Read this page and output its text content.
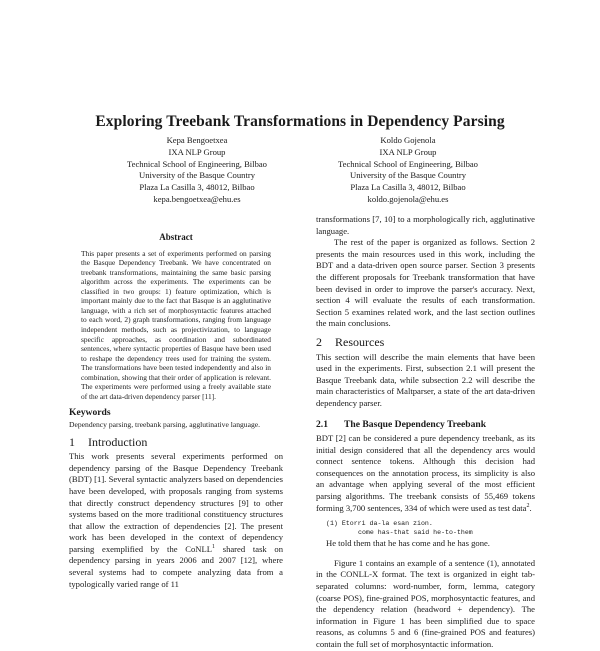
Exploring Treebank Transformations in Dependency Parsing
Kepa Bengoetxea
IXA NLP Group
Technical School of Engineering, Bilbao
University of the Basque Country
Plaza La Casilla 3, 48012, Bilbao
kepa.bengoetxea@ehu.es
Koldo Gojenola
IXA NLP Group
Technical School of Engineering, Bilbao
University of the Basque Country
Plaza La Casilla 3, 48012, Bilbao
koldo.gojenola@ehu.es
Abstract

This paper presents a set of experiments performed on parsing the Basque Dependency Treebank. We have concentrated on treebank transformations, maintaining the same basic parsing algorithm across the experiments. The experiments can be classified in two groups: 1) feature optimization, which is important mainly due to the fact that Basque is an agglutinative language, with a rich set of morphosyntactic features attached to each word, 2) graph transformations, ranging from language independent methods, such as projectivization, to language specific approaches, as coordination and subordinated sentences, where syntactic properties of Basque have been used to reshape the dependency trees used for training the system. The transformations have been tested independently and also in combination, showing that their order of application is relevant. The experiments were performed using a freely available state of the art data-driven dependency parser [11].

Keywords
Dependency parsing, treebank parsing, agglutinative language.
1 Introduction

This work presents several experiments performed on dependency parsing of the Basque Dependency Treebank (BDT) [1]. Several syntactic analyzers based on dependencies have been developed, with proposals ranging from systems that directly construct dependency structures [9] to other systems based on the more traditional constituency structures that allow the extraction of dependencies [2]. The present work has been developed in the context of dependency parsing exemplified by the CoNLL$^1$ shared task on dependency parsing in years 2006 and 2007 [12], where several systems had to compete analyzing data from a typologically varied range of 11

transformations [7, 10] to a morphologically rich, agglutinative language.

The rest of the paper is organized as follows. Section 2 presents the main resources used in this work, including the BDT and a data-driven open source parser. Section 3 presents the different proposals for Treebank transformation that have been devised in order to improve the parser's accuracy. Next, section 4 will evaluate the results of each transformation. Section 5 examines related work, and the last section outlines the main conclusions.

2 Resources

This section will describe the main elements that have been used in the experiments. First, subsection 2.1 will present the Basque Treebank data, while subsection 2.2 will describe the main characteristics of Maltparser, a state of the art data-driven dependency parser.

2.1 The Basque Dependency Treebank

BDT [2] can be considered a pure dependency treebank, as its initial design considered that all the dependency arcs would connect sentence tokens. Although this decision had consequences on the annotation process, its simplicity is also an advantage when applying several of the most efficient parsing algorithms. The treebank consists of 55,469 tokens forming 3,700 sentences, 334 of which were used as test data$^2$.

(1) Etorri da-la esan zion.
come has-that said he-to-them
He told them that he has come and he has gone.

Figure 1 contains an example of a sentence (1), annotated in the CONLL-X format. The text is organized in eight tab-separated columns: word-number, form, lemma, category (coarse POS), fine-grained POS, morphosyntactic features, and the dependency relation (headword + dependency). The information in Figure 1 has been simplified due to space reasons, as columns 5 and 6 (fine-grained POS and features) contain the full set of morphosyntactic information.
